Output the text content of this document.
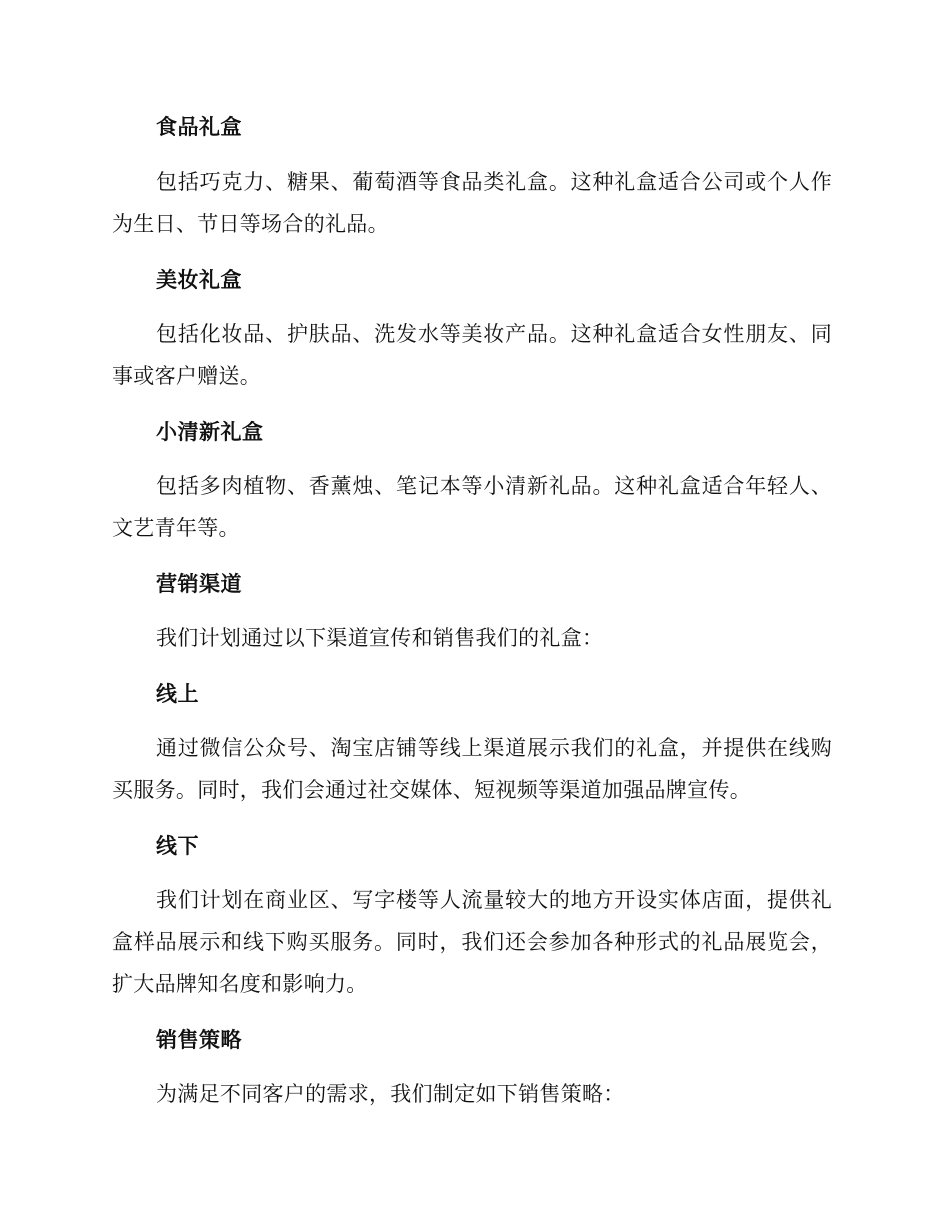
食品礼盒

包括巧克力、糖果、葡萄酒等食品类礼盒。这种礼盒适合公司或个人作为生日、节日等场合的礼品。

美妆礼盒

包括化妆品、护肤品、洗发水等美妆产品。这种礼盒适合女性朋友、同事或客户赠送。

小清新礼盒

包括多肉植物、香薰烛、笔记本等小清新礼品。这种礼盒适合年轻人、文艺青年等。

营销渠道

我们计划通过以下渠道宣传和销售我们的礼盒：

线上

通过微信公众号、淘宝店铺等线上渠道展示我们的礼盒，并提供在线购买服务。同时，我们会通过社交媒体、短视频等渠道加强品牌宣传。

线下

我们计划在商业区、写字楼等人流量较大的地方开设实体店面，提供礼盒样品展示和线下购买服务。同时，我们还会参加各种形式的礼品展览会，扩大品牌知名度和影响力。

销售策略

为满足不同客户的需求，我们制定如下销售策略：
